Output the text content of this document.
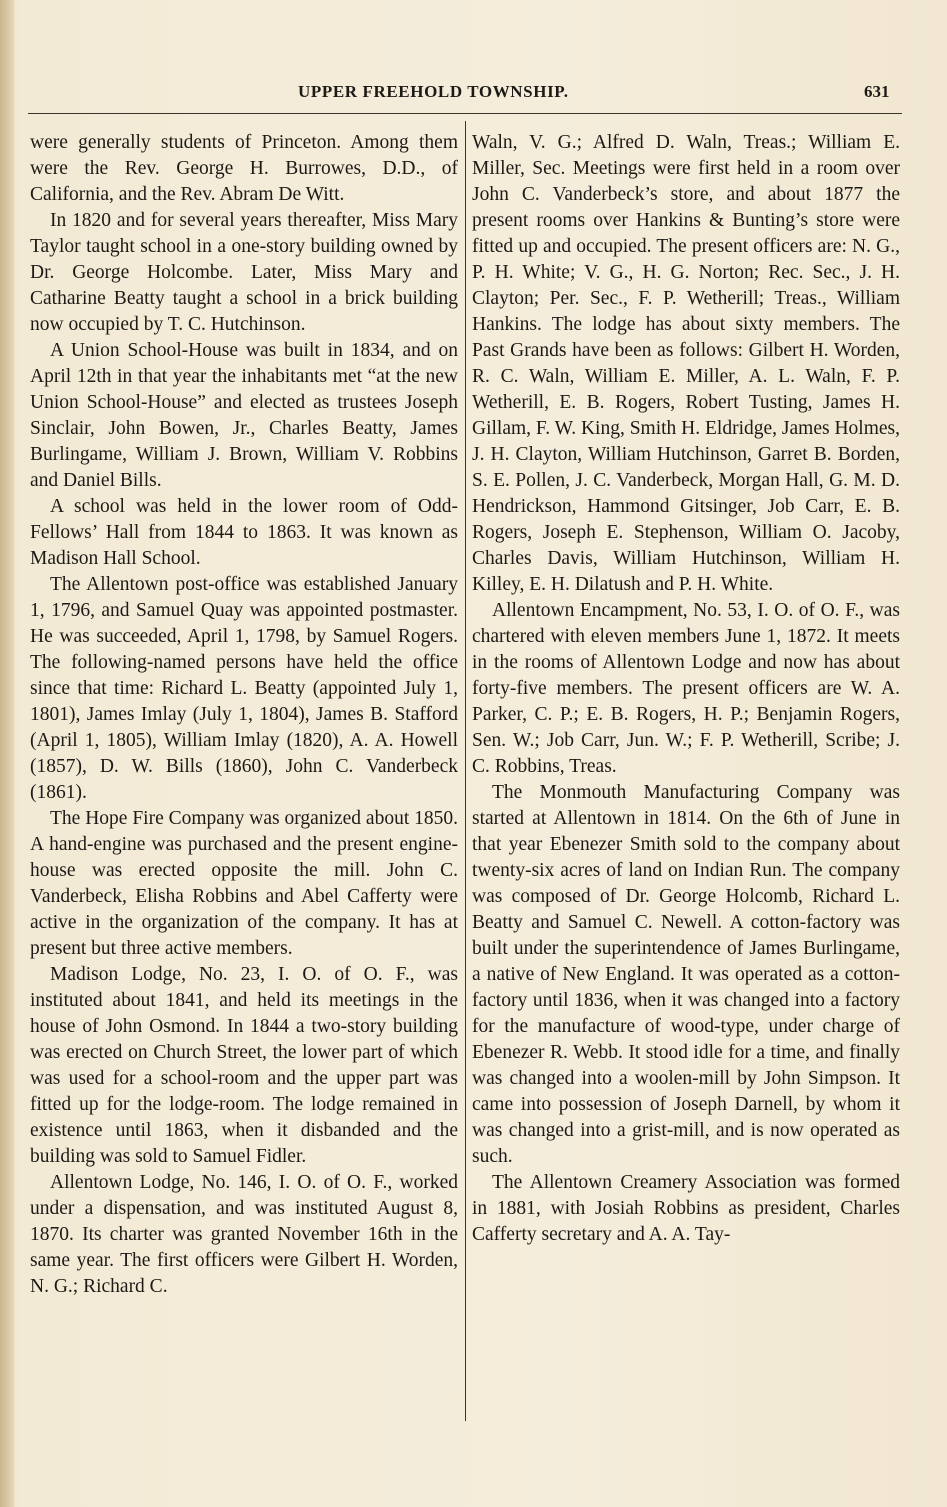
UPPER FREEHOLD TOWNSHIP.	631

were generally students of Princeton. Among them were the Rev. George H. Burrowes, D.D., of California, and the Rev. Abram De Witt.

In 1820 and for several years thereafter, Miss Mary Taylor taught school in a one-story building owned by Dr. George Holcombe. Later, Miss Mary and Catharine Beatty taught a school in a brick building now occupied by T. C. Hutchinson.

A Union School-House was built in 1834, and on April 12th in that year the inhabitants met “at the new Union School-House” and elected as trustees Joseph Sinclair, John Bowen, Jr., Charles Beatty, James Burlingame, William J. Brown, William V. Robbins and Daniel Bills.

A school was held in the lower room of Odd-Fellows’ Hall from 1844 to 1863. It was known as Madison Hall School.

The Allentown post-office was established January 1, 1796, and Samuel Quay was appointed postmaster. He was succeeded, April 1, 1798, by Samuel Rogers. The following-named persons have held the office since that time: Richard L. Beatty (appointed July 1, 1801), James Imlay (July 1, 1804), James B. Stafford (April 1, 1805), William Imlay (1820), A. A. Howell (1857), D. W. Bills (1860), John C. Vanderbeck (1861).

The Hope Fire Company was organized about 1850. A hand-engine was purchased and the present engine-house was erected opposite the mill. John C. Vanderbeck, Elisha Robbins and Abel Cafferty were active in the organization of the company. It has at present but three active members.

Madison Lodge, No. 23, I. O. of O. F., was instituted about 1841, and held its meetings in the house of John Osmond. In 1844 a two-story building was erected on Church Street, the lower part of which was used for a school-room and the upper part was fitted up for the lodge-room. The lodge remained in existence until 1863, when it disbanded and the building was sold to Samuel Fidler.

Allentown Lodge, No. 146, I. O. of O. F., worked under a dispensation, and was instituted August 8, 1870. Its charter was granted November 16th in the same year. The first officers were Gilbert H. Worden, N. G.; Richard C.

Waln, V. G.; Alfred D. Waln, Treas.; William E. Miller, Sec. Meetings were first held in a room over John C. Vanderbeck’s store, and about 1877 the present rooms over Hankins & Bunting’s store were fitted up and occupied. The present officers are: N. G., P. H. White; V. G., H. G. Norton; Rec. Sec., J. H. Clayton; Per. Sec., F. P. Wetherill; Treas., William Hankins. The lodge has about sixty members. The Past Grands have been as follows: Gilbert H. Worden, R. C. Waln, William E. Miller, A. L. Waln, F. P. Wetherill, E. B. Rogers, Robert Tusting, James H. Gillam, F. W. King, Smith H. Eldridge, James Holmes, J. H. Clayton, William Hutchinson, Garret B. Borden, S. E. Pollen, J. C. Vanderbeck, Morgan Hall, G. M. D. Hendrickson, Hammond Gitsinger, Job Carr, E. B. Rogers, Joseph E. Stephenson, William O. Jacoby, Charles Davis, William Hutchinson, William H. Killey, E. H. Dilatush and P. H. White.

Allentown Encampment, No. 53, I. O. of O. F., was chartered with eleven members June 1, 1872. It meets in the rooms of Allentown Lodge and now has about forty-five members. The present officers are W. A. Parker, C. P.; E. B. Rogers, H. P.; Benjamin Rogers, Sen. W.; Job Carr, Jun. W.; F. P. Wetherill, Scribe; J. C. Robbins, Treas.

The Monmouth Manufacturing Company was started at Allentown in 1814. On the 6th of June in that year Ebenezer Smith sold to the company about twenty-six acres of land on Indian Run. The company was composed of Dr. George Holcomb, Richard L. Beatty and Samuel C. Newell. A cotton-factory was built under the superintendence of James Burlingame, a native of New England. It was operated as a cotton-factory until 1836, when it was changed into a factory for the manufacture of wood-type, under charge of Ebenezer R. Webb. It stood idle for a time, and finally was changed into a woolen-mill by John Simpson. It came into possession of Joseph Darnell, by whom it was changed into a grist-mill, and is now operated as such.

The Allentown Creamery Association was formed in 1881, with Josiah Robbins as president, Charles Cafferty secretary and A. A. Tay-
